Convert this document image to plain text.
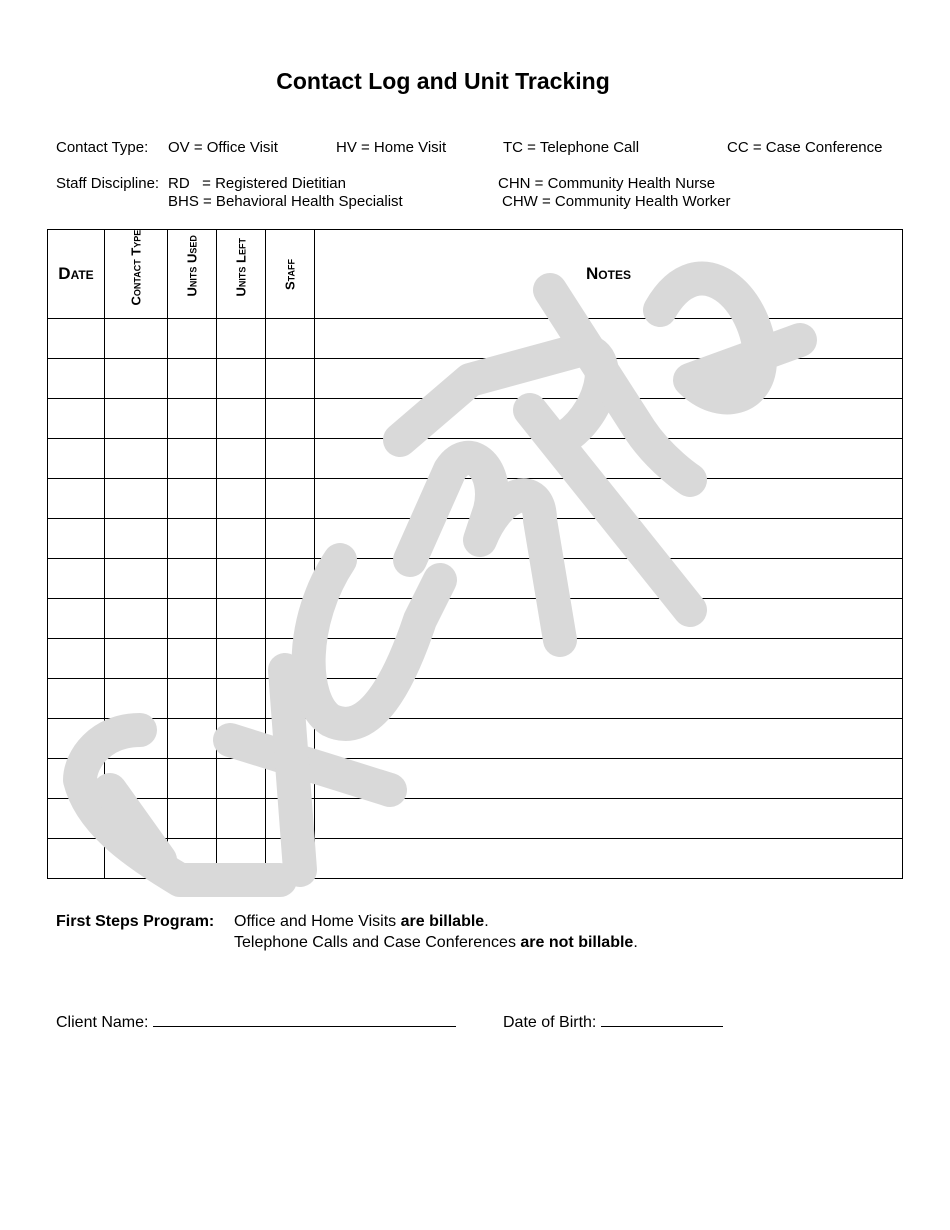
Contact Log and Unit Tracking
Contact Type: OV = Office Visit	HV = Home Visit	TC = Telephone Call	CC = Case Conference
Staff Discipline: RD   = Registered Dietitian
BHS = Behavioral Health Specialist
CHN = Community Health Nurse
CHW = Community Health Worker
Date	Contact Type	Units Used	Units Left	Staff	Notes

First Steps Program: Office and Home Visits are billable.
Telephone Calls and Case Conferences are not billable.
Client Name:	Date of Birth:
